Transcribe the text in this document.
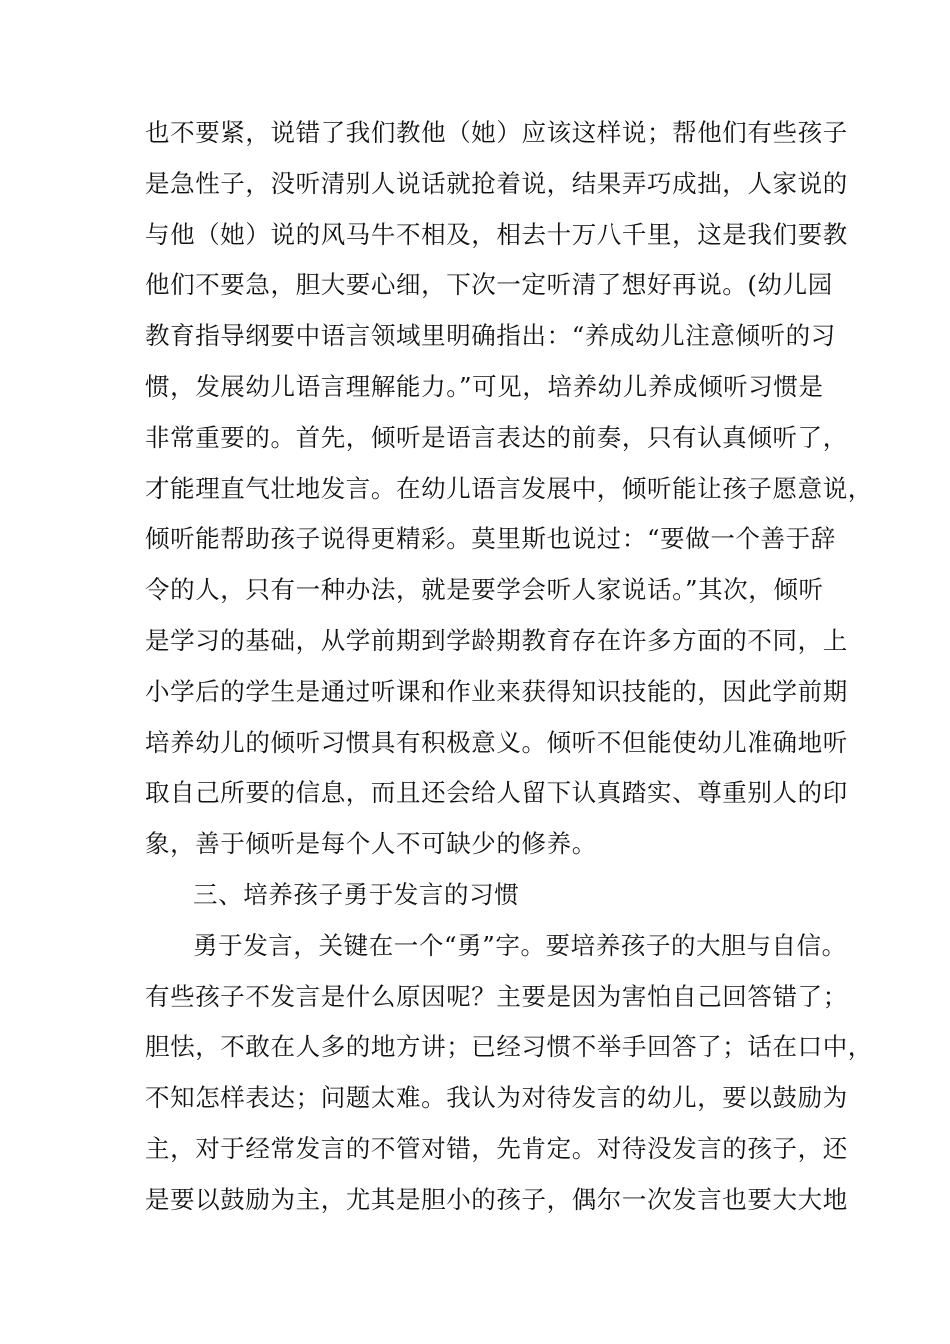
也不要紧，说错了我们教他（她）应该这样说；帮他们有些孩子
是急性子，没听清别人说话就抢着说，结果弄巧成拙，人家说的
与他（她）说的风马牛不相及，相去十万八千里，这是我们要教
他们不要急，胆大要心细，下次一定听清了想好再说。(幼儿园
教育指导纲要中语言领域里明确指出：“养成幼儿注意倾听的习
惯，发展幼儿语言理解能力。”可见，培养幼儿养成倾听习惯是
非常重要的。首先，倾听是语言表达的前奏，只有认真倾听了，
才能理直气壮地发言。在幼儿语言发展中，倾听能让孩子愿意说，
倾听能帮助孩子说得更精彩。莫里斯也说过：“要做一个善于辞
令的人，只有一种办法，就是要学会听人家说话。”其次，倾听
是学习的基础，从学前期到学龄期教育存在许多方面的不同，上
小学后的学生是通过听课和作业来获得知识技能的，因此学前期
培养幼儿的倾听习惯具有积极意义。倾听不但能使幼儿准确地听
取自己所要的信息，而且还会给人留下认真踏实、尊重别人的印
象，善于倾听是每个人不可缺少的修养。
三、培养孩子勇于发言的习惯
勇于发言，关键在一个“勇”字。要培养孩子的大胆与自信。
有些孩子不发言是什么原因呢？主要是因为害怕自己回答错了；
胆怯，不敢在人多的地方讲；已经习惯不举手回答了；话在口中，
不知怎样表达；问题太难。我认为对待发言的幼儿，要以鼓励为
主，对于经常发言的不管对错，先肯定。对待没发言的孩子，还
是要以鼓励为主，尤其是胆小的孩子，偶尔一次发言也要大大地
